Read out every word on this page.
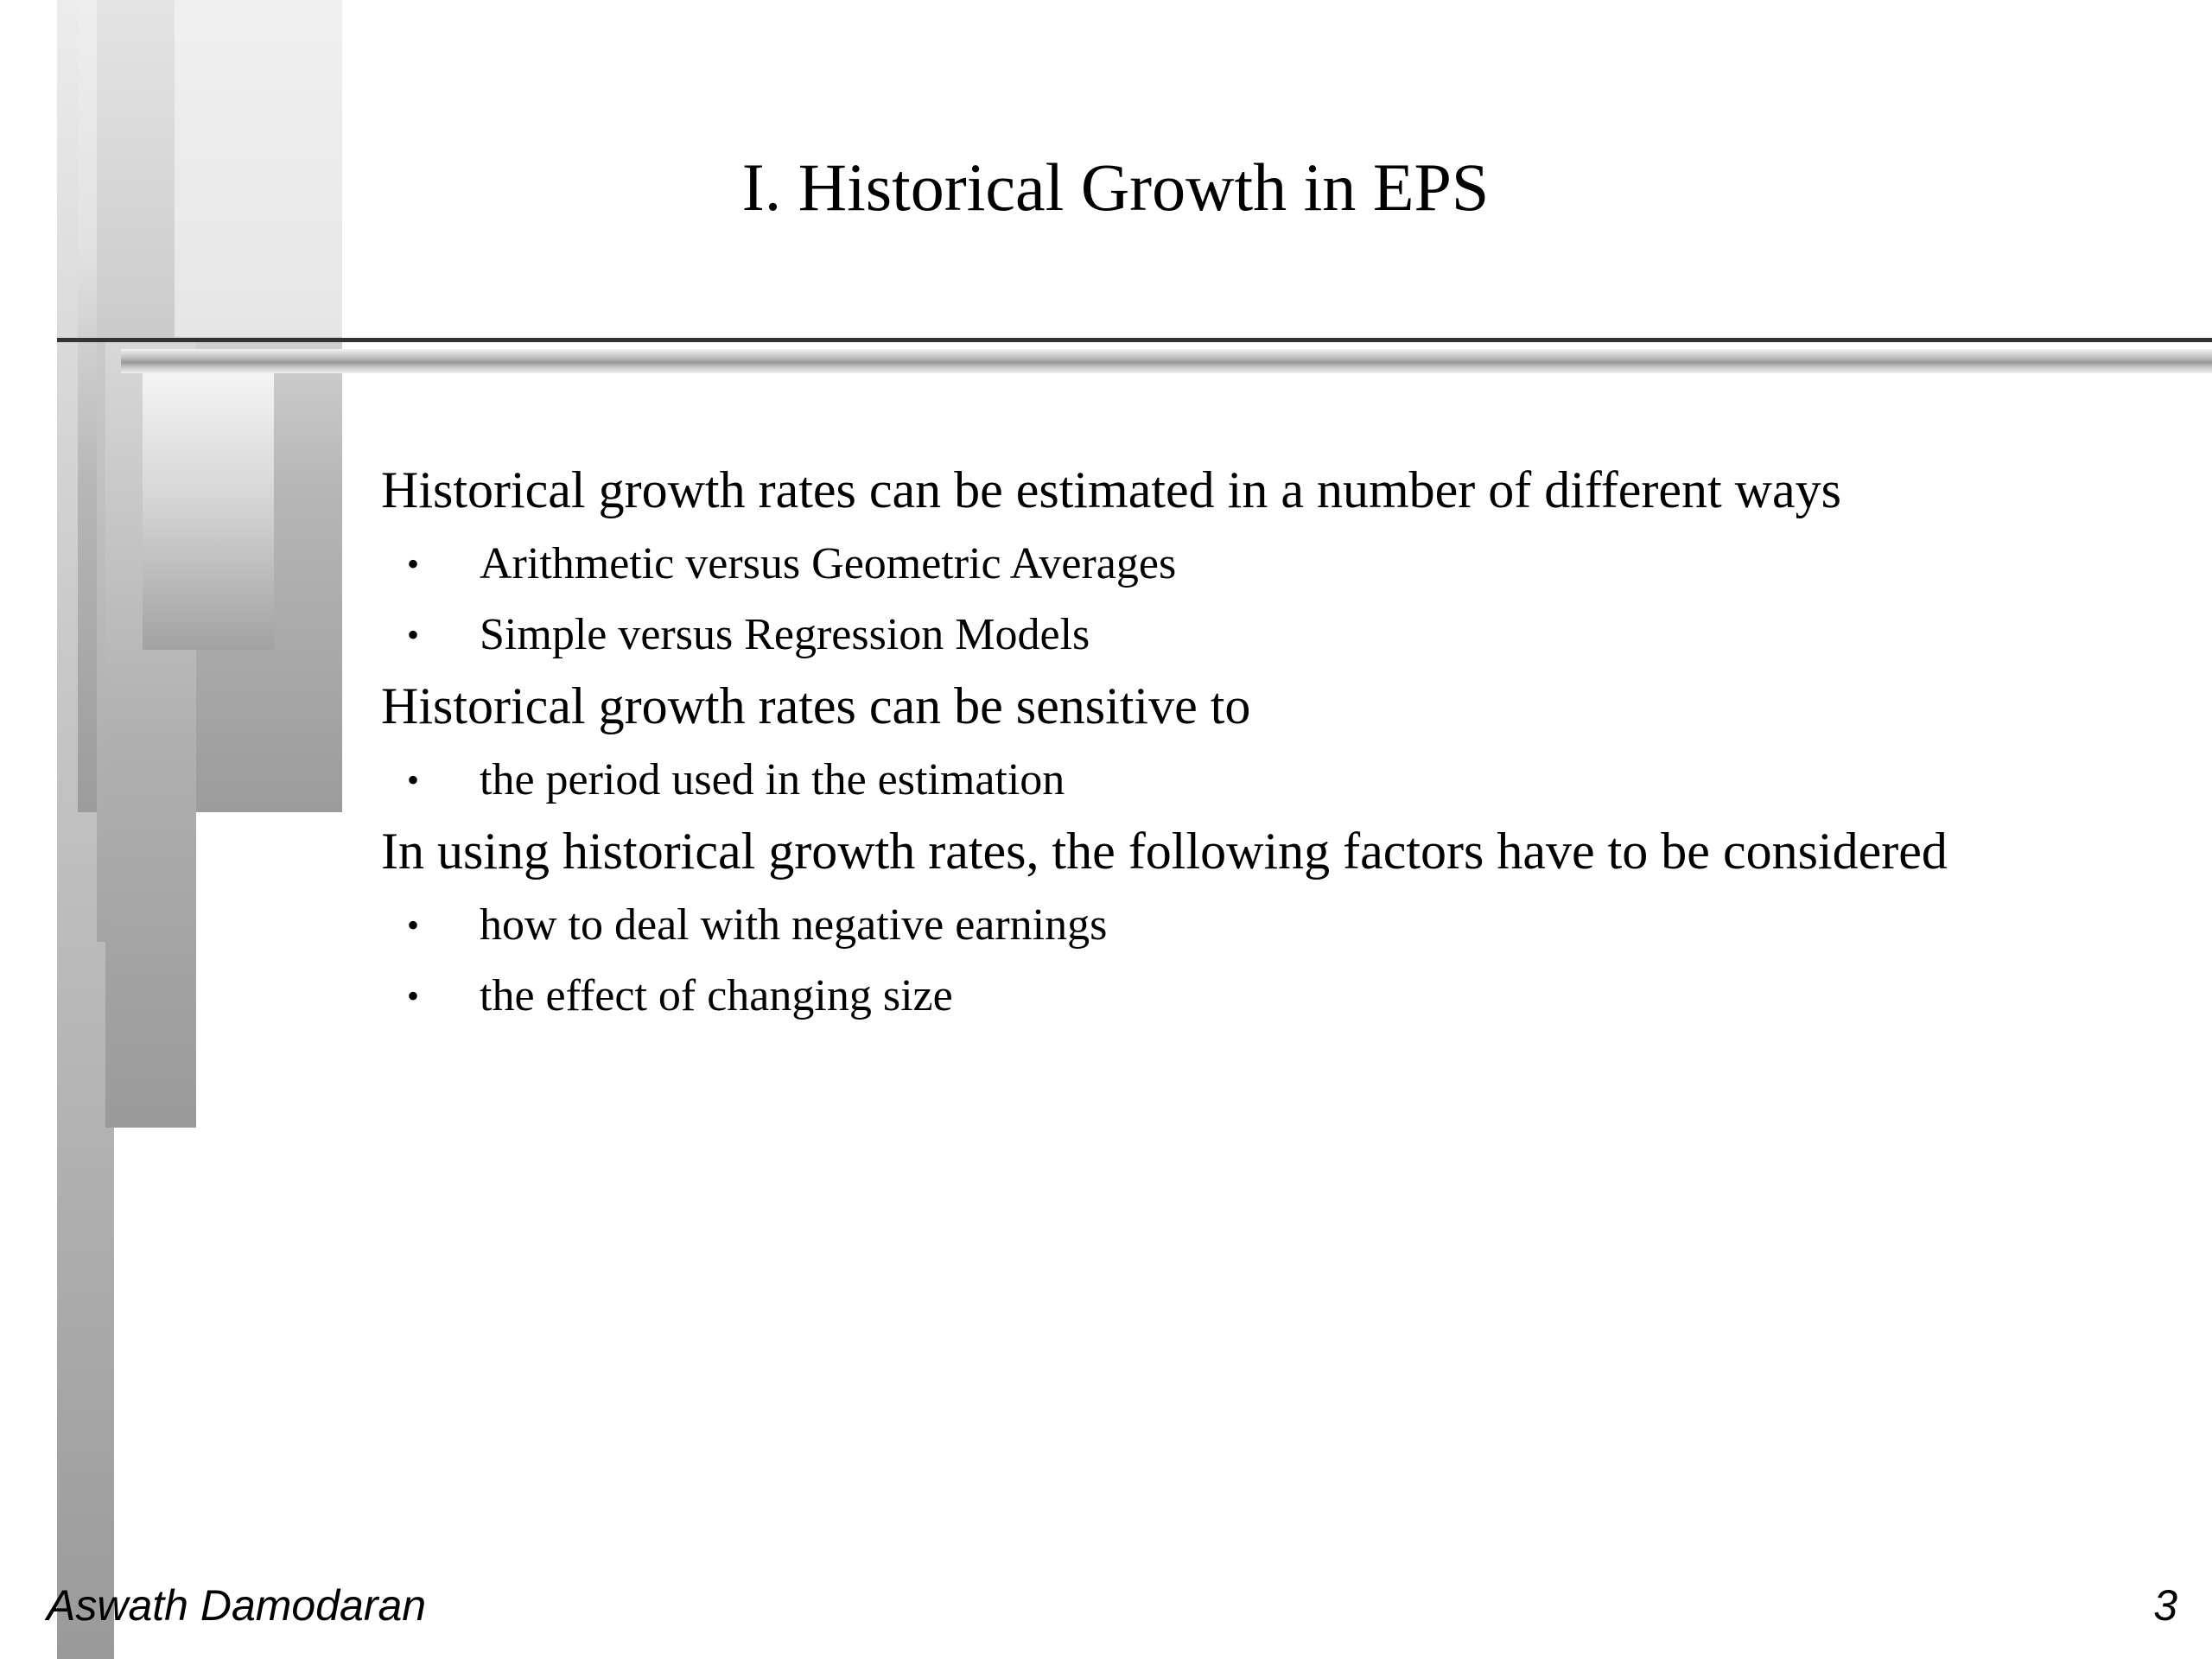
I. Historical Growth in EPS

Historical growth rates can be estimated in a number of different ways

• Arithmetic versus Geometric Averages

• Simple versus Regression Models

Historical growth rates can be sensitive to

• the period used in the estimation

In using historical growth rates, the following factors have to be considered

• how to deal with negative earnings

• the effect of changing size

Aswath Damodaran	3
